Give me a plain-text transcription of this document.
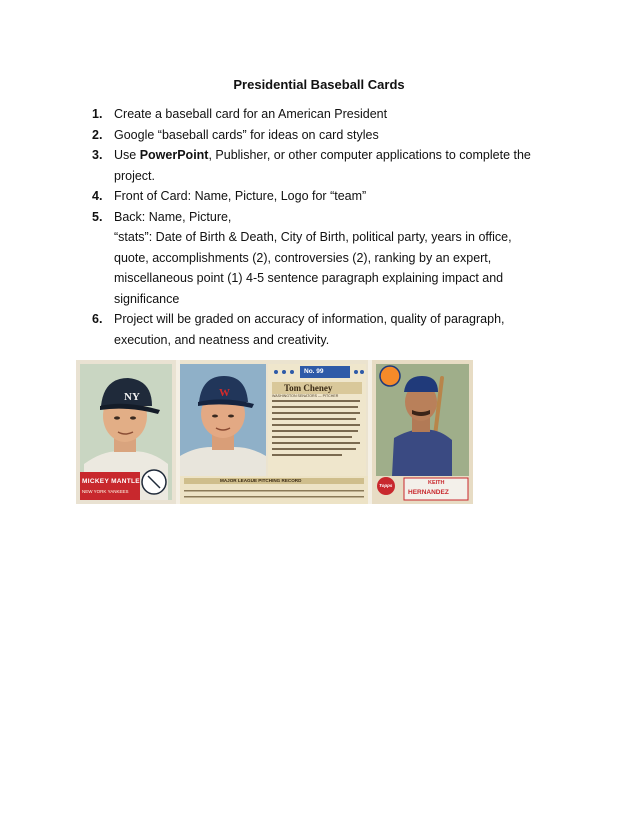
Presidential Baseball Cards
1. Create a baseball card for an American President
2. Google “baseball cards” for ideas on card styles
3. Use PowerPoint, Publisher, or other computer applications to complete the
project.
4. Front of Card: Name, Picture, Logo for “team”
5. Back: Name, Picture,
“stats”: Date of Birth & Death, City of Birth, political party, years in office,
quote, accomplishments (2), controversies (2), ranking by an expert,
miscellaneous point (1) 4-5 sentence paragraph explaining impact and
significance
6. Project will be graded on accuracy of information, quality of paragraph,
execution, and neatness and creativity.
NY
MICKEY MANTLE
NEW YORK YANKEES
W
No. 99
Tom Cheney
WASHINGTON SENATORS — PITCHER
MAJOR LEAGUE PITCHING RECORD
Topps	KEITH
HERNANDEZ
